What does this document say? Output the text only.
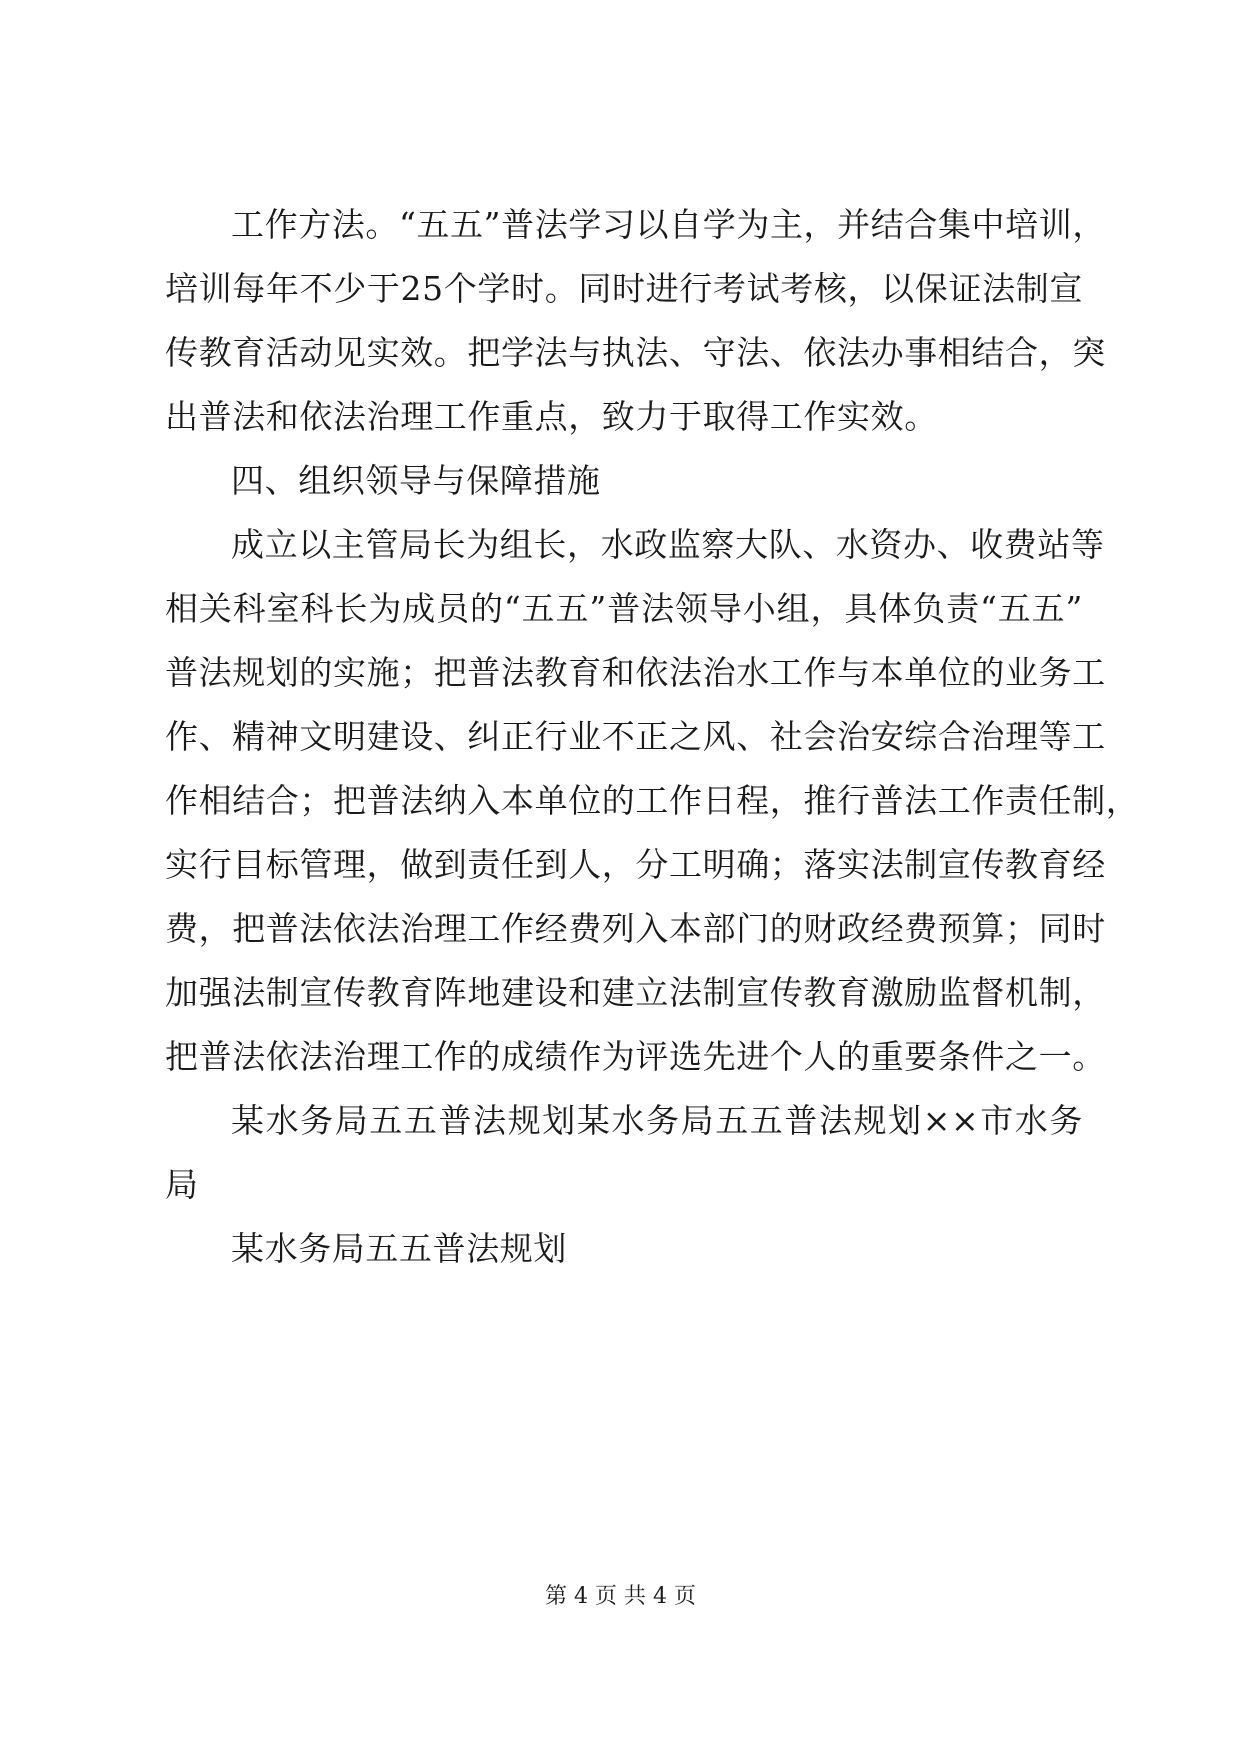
工作方法。“五五”普法学习以自学为主，并结合集中培训，
培训每年不少于25个学时。同时进行考试考核，以保证法制宣
传教育活动见实效。把学法与执法、守法、依法办事相结合，突
出普法和依法治理工作重点，致力于取得工作实效。
四、组织领导与保障措施
成立以主管局长为组长，水政监察大队、水资办、收费站等
相关科室科长为成员的“五五”普法领导小组，具体负责“五五”
普法规划的实施；把普法教育和依法治水工作与本单位的业务工
作、精神文明建设、纠正行业不正之风、社会治安综合治理等工
作相结合；把普法纳入本单位的工作日程，推行普法工作责任制，
实行目标管理，做到责任到人，分工明确；落实法制宣传教育经
费，把普法依法治理工作经费列入本部门的财政经费预算；同时
加强法制宣传教育阵地建设和建立法制宣传教育激励监督机制，
把普法依法治理工作的成绩作为评选先进个人的重要条件之一。
某水务局五五普法规划某水务局五五普法规划××市水务
局
某水务局五五普法规划
第 4 页 共 4 页
